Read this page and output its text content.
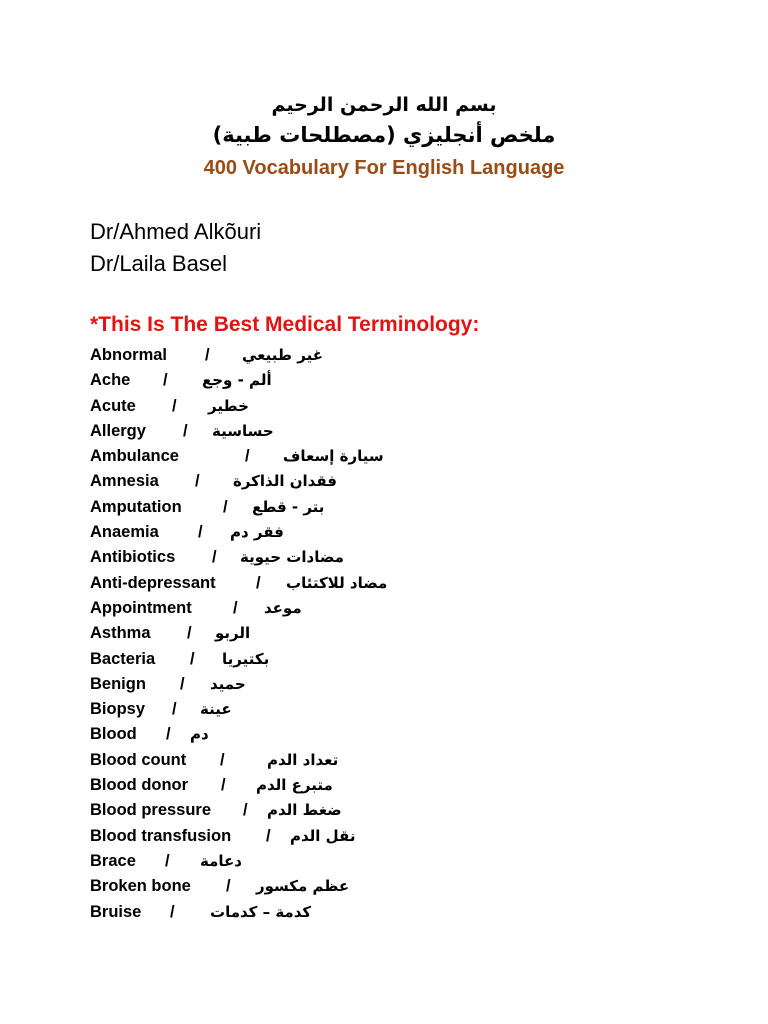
بسم الله الرحمن الرحيم
ملخص أنجليزي (مصطلحات طبية)
400 Vocabulary For English Language
Dr/Ahmed Alkõuri
Dr/Laila Basel
*This Is The Best Medical Terminology:
Abnormal / غير طبيعي
Ache / ألم - وجع
Acute / خطير
Allergy / حساسية
Ambulance	/ سيارة إسعاف
Amnesia / فقدان الذاكرة
Amputation	/ بتر - قطع
Anaemia / فقر دم
Antibiotics / مضادات حيوية
Anti-depressant / مضاد للاكتئاب
Appointment	/ موعد
Asthma / الربو
Bacteria / بكتيريا
Benign / حميد
Biopsy / عينة
Blood / دم
Blood count /	تعداد الدم
Blood donor / متبرع الدم
Blood pressure / ضغط الدم
Blood transfusion / نقل الدم
Brace / دعامة
Broken bone / عظم مكسور
Bruise / كدمة – كدمات
